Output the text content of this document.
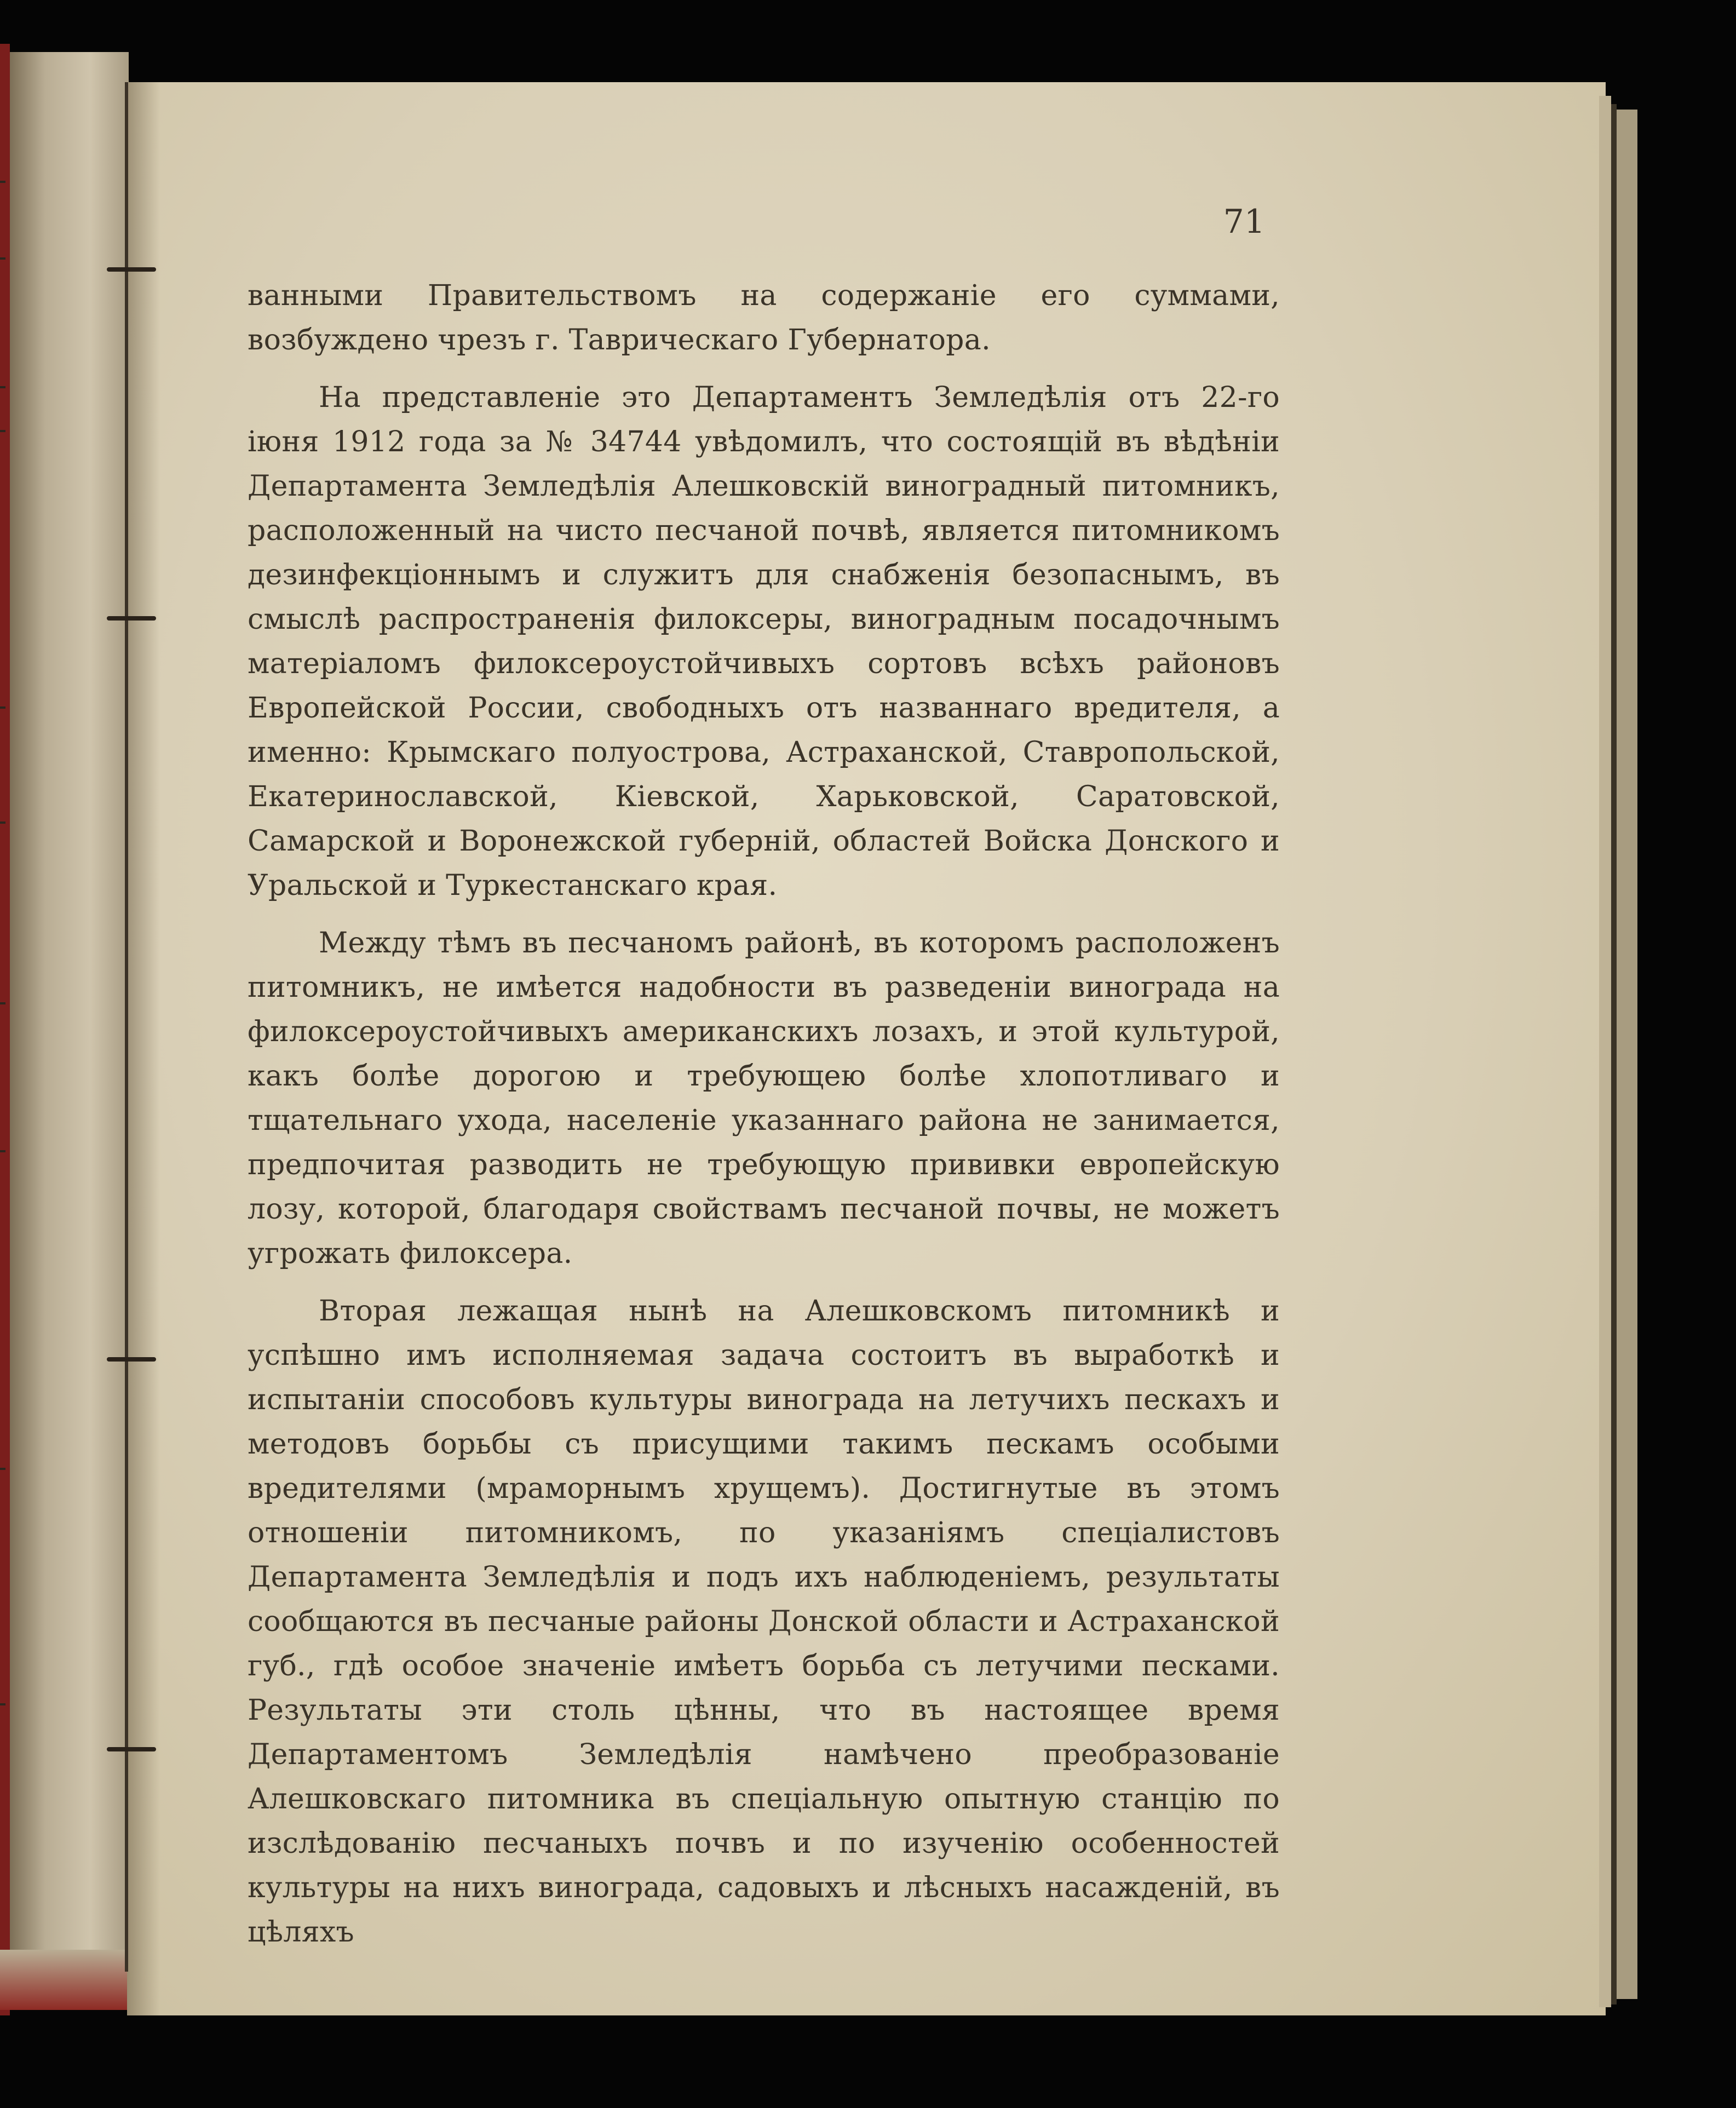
71

ванными Правительствомъ на содержаніе его суммами, возбуждено чрезъ г. Таврическаго Губернатора.

На представленіе это Департаментъ Земледѣлія отъ 22-го іюня 1912 года за № 34744 увѣдомилъ, что состоящій въ вѣдѣніи Департамента Земледѣлія Алешковскій виноградный питомникъ, расположенный на чисто песчаной почвѣ, является питомникомъ дезинфекціоннымъ и служитъ для снабженія безопаснымъ, въ смыслѣ распространенія филоксеры, виноградным посадочнымъ матеріаломъ филоксероустойчивыхъ сортовъ всѣхъ районовъ Европейской России, свободныхъ отъ названнаго вредителя, а именно: Крымскаго полуострова, Астраханской, Ставропольской, Екатеринославской, Кіевской, Харьковской, Саратовской, Самарской и Воронежской губерній, областей Войска Донского и Уральской и Туркестанскаго края.

Между тѣмъ въ песчаномъ районѣ, въ которомъ расположенъ питомникъ, не имѣется надобности въ разведеніи винограда на филоксероустойчивыхъ американскихъ лозахъ, и этой культурой, какъ болѣе дорогою и требующею болѣе хлопотливаго и тщательнаго ухода, населеніе указаннаго района не занимается, предпочитая разводить не требующую прививки европейскую лозу, которой, благодаря свойствамъ песчаной почвы, не можетъ угрожать филоксера.

Вторая лежащая нынѣ на Алешковскомъ питомникѣ и успѣшно имъ исполняемая задача состоитъ въ выработкѣ и испытаніи способовъ культуры винограда на летучихъ пескахъ и методовъ борьбы съ присущими такимъ пескамъ особыми вредителями (мраморнымъ хрущемъ). Достигнутые въ этомъ отношеніи питомникомъ, по указаніямъ спеціалистовъ Департамента Земледѣлія и подъ ихъ наблюденіемъ, результаты сообщаются въ песчаные районы Донской области и Астраханской губ., гдѣ особое значеніе имѣетъ борьба съ летучими песками. Результаты эти столь цѣнны, что въ настоящее время Департаментомъ Земледѣлія намѣчено преобразованіе Алешковскаго питомника въ спеціальную опытную станцію по изслѣдованію песчаныхъ почвъ и по изученію особенностей культуры на нихъ винограда, садовыхъ и лѣсныхъ насажденій, въ цѣляхъ
